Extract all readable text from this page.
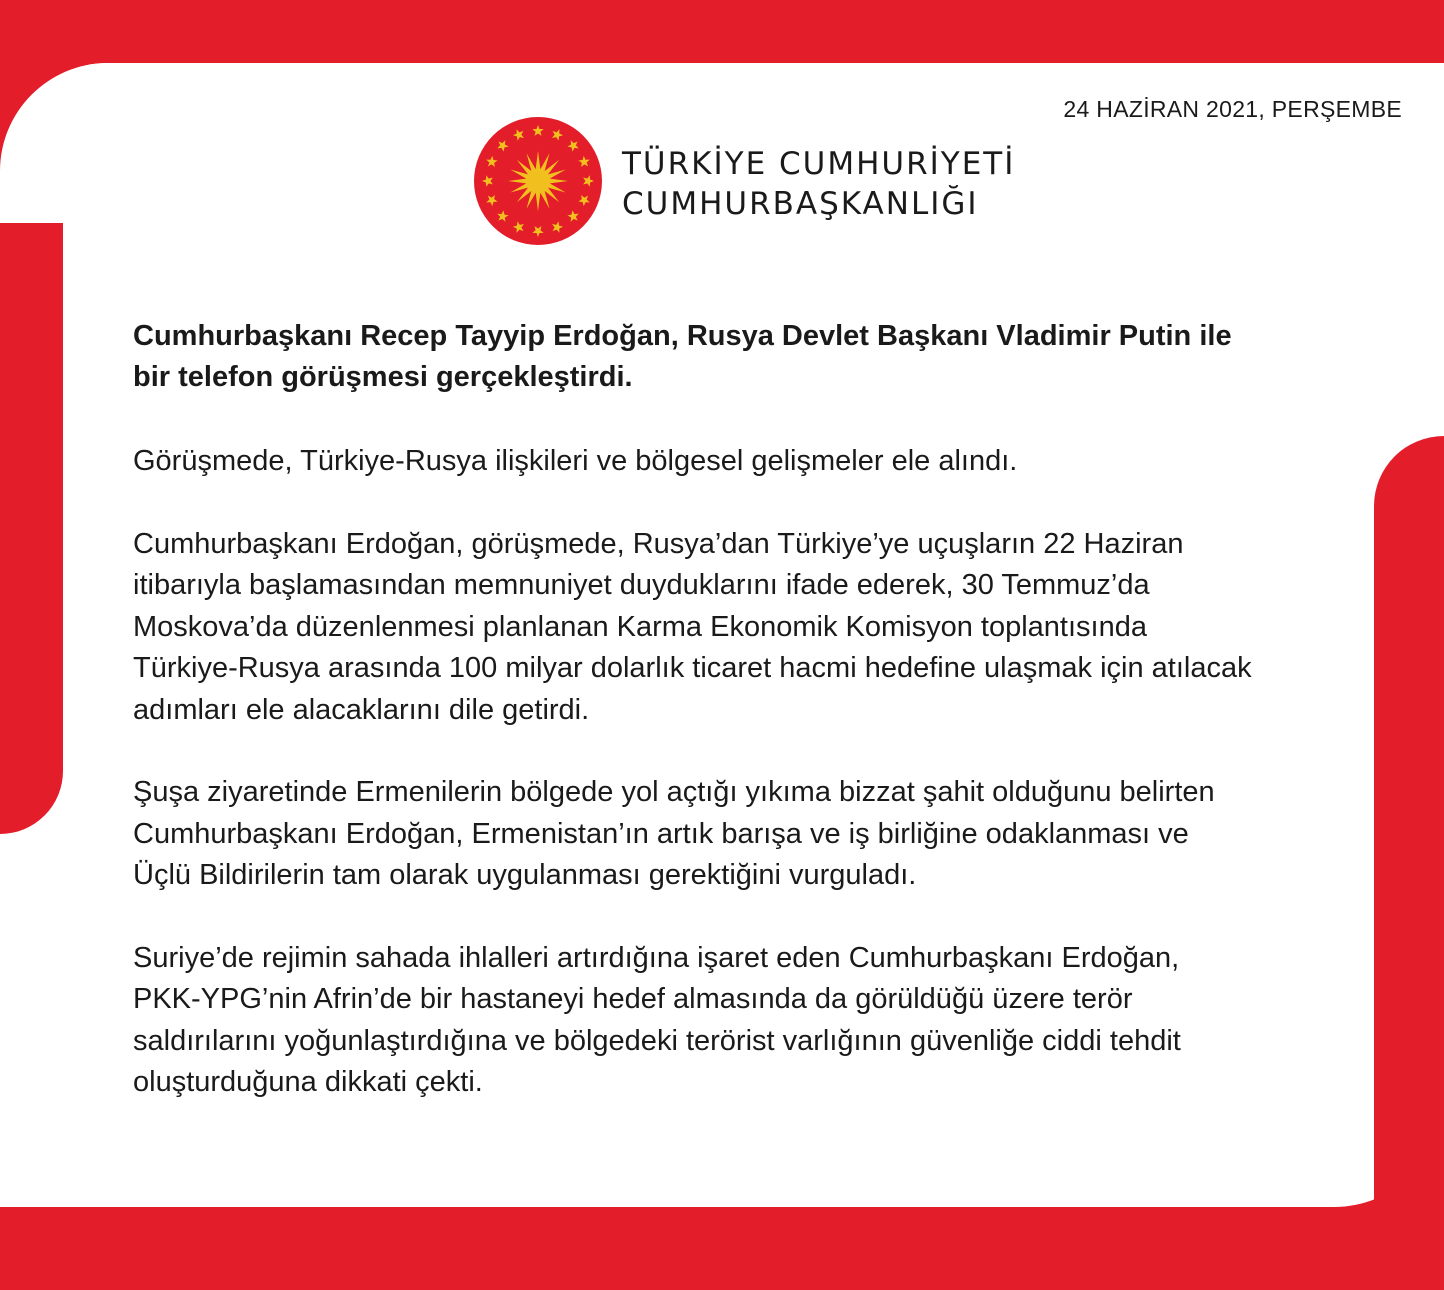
24 HAZİRAN 2021, PERŞEMBE
TÜRKİYE CUMHURİYETİ
CUMHURBAŞKANLIĞI

Cumhurbaşkanı Recep Tayyip Erdoğan, Rusya Devlet Başkanı Vladimir Putin ile bir telefon görüşmesi gerçekleştirdi.

Görüşmede, Türkiye-Rusya ilişkileri ve bölgesel gelişmeler ele alındı.

Cumhurbaşkanı Erdoğan, görüşmede, Rusya’dan Türkiye’ye uçuşların 22 Haziran itibarıyla başlamasından memnuniyet duyduklarını ifade ederek, 30 Temmuz’da Moskova’da düzenlenmesi planlanan Karma Ekonomik Komisyon toplantısında Türkiye-Rusya arasında 100 milyar dolarlık ticaret hacmi hedefine ulaşmak için atılacak adımları ele alacaklarını dile getirdi.

Şuşa ziyaretinde Ermenilerin bölgede yol açtığı yıkıma bizzat şahit olduğunu belirten Cumhurbaşkanı Erdoğan, Ermenistan’ın artık barışa ve iş birliğine odaklanması ve Üçlü Bildirilerin tam olarak uygulanması gerektiğini vurguladı.

Suriye’de rejimin sahada ihlalleri artırdığına işaret eden Cumhurbaşkanı Erdoğan, PKK-YPG’nin Afrin’de bir hastaneyi hedef almasında da görüldüğü üzere terör saldırılarını yoğunlaştırdığına ve bölgedeki terörist varlığının güvenliğe ciddi tehdit oluşturduğuna dikkati çekti.
